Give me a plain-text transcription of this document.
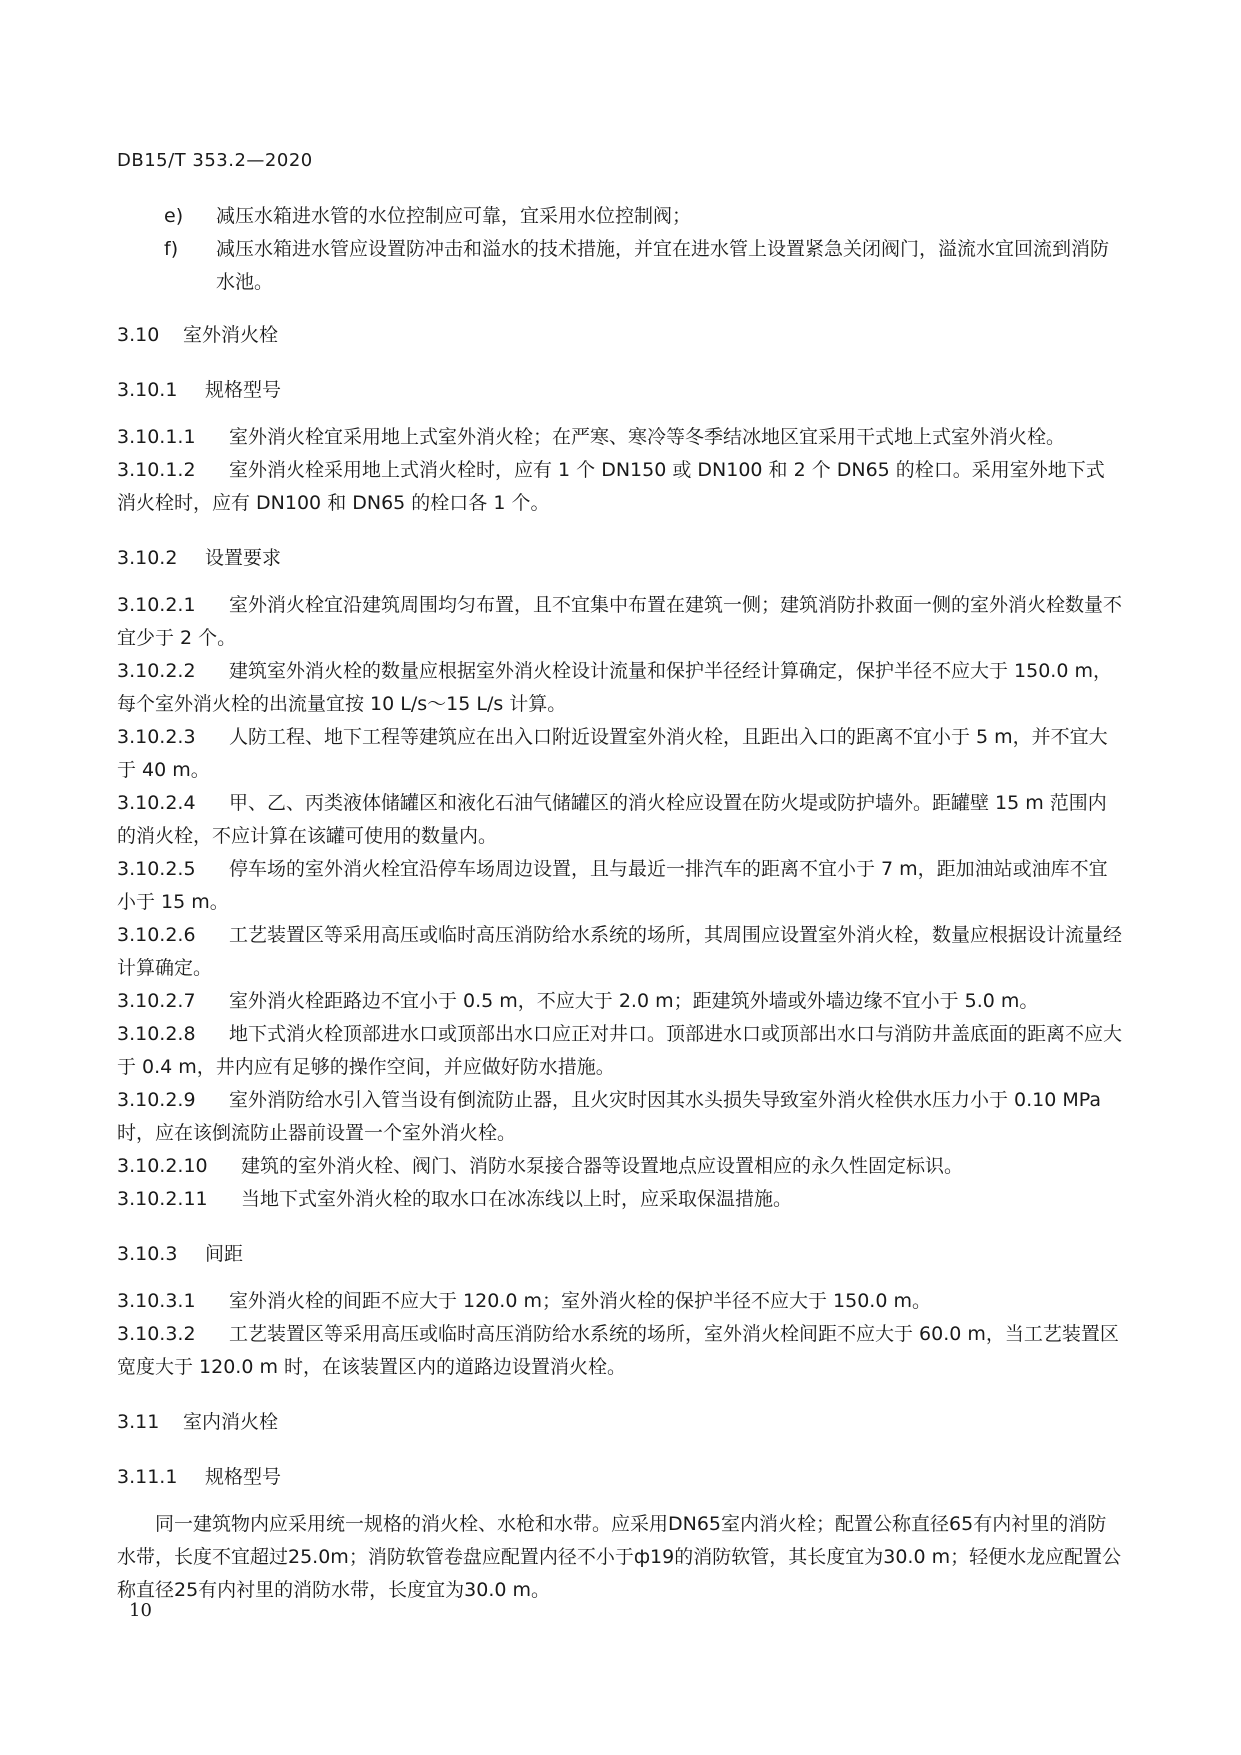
DB15/T 353.2—2020
e)	减压水箱进水管的水位控制应可靠，宜采用水位控制阀；
f)	减压水箱进水管应设置防冲击和溢水的技术措施，并宜在进水管上设置紧急关闭阀门，溢流水宜回流到消防水池。
3.10 室外消火栓
3.10.1 规格型号

3.10.1.1 室外消火栓宜采用地上式室外消火栓；在严寒、寒冷等冬季结冰地区宜采用干式地上式室外消火栓。

3.10.1.2 室外消火栓采用地上式消火栓时，应有 1 个 DN150 或 DN100 和 2 个 DN65 的栓口。采用室外地下式消火栓时，应有 DN100 和 DN65 的栓口各 1 个。

3.10.2 设置要求

3.10.2.1 室外消火栓宜沿建筑周围均匀布置，且不宜集中布置在建筑一侧；建筑消防扑救面一侧的室外消火栓数量不宜少于 2 个。

3.10.2.2 建筑室外消火栓的数量应根据室外消火栓设计流量和保护半径经计算确定，保护半径不应大于 150.0 m，每个室外消火栓的出流量宜按 10 L/s～15 L/s 计算。

3.10.2.3 人防工程、地下工程等建筑应在出入口附近设置室外消火栓，且距出入口的距离不宜小于 5 m，并不宜大于 40 m。

3.10.2.4 甲、乙、丙类液体储罐区和液化石油气储罐区的消火栓应设置在防火堤或防护墙外。距罐壁 15 m 范围内的消火栓，不应计算在该罐可使用的数量内。

3.10.2.5 停车场的室外消火栓宜沿停车场周边设置，且与最近一排汽车的距离不宜小于 7 m，距加油站或油库不宜小于 15 m。

3.10.2.6 工艺装置区等采用高压或临时高压消防给水系统的场所，其周围应设置室外消火栓，数量应根据设计流量经计算确定。

3.10.2.7 室外消火栓距路边不宜小于 0.5 m，不应大于 2.0 m；距建筑外墙或外墙边缘不宜小于 5.0 m。

3.10.2.8 地下式消火栓顶部进水口或顶部出水口应正对井口。顶部进水口或顶部出水口与消防井盖底面的距离不应大于 0.4 m，井内应有足够的操作空间，并应做好防水措施。

3.10.2.9 室外消防给水引入管当设有倒流防止器，且火灾时因其水头损失导致室外消火栓供水压力小于 0.10 MPa 时，应在该倒流防止器前设置一个室外消火栓。

3.10.2.10 建筑的室外消火栓、阀门、消防水泵接合器等设置地点应设置相应的永久性固定标识。

3.10.2.11 当地下式室外消火栓的取水口在冰冻线以上时，应采取保温措施。

3.10.3 间距

3.10.3.1 室外消火栓的间距不应大于 120.0 m；室外消火栓的保护半径不应大于 150.0 m。

3.10.3.2 工艺装置区等采用高压或临时高压消防给水系统的场所，室外消火栓间距不应大于 60.0 m，当工艺装置区宽度大于 120.0 m 时，在该装置区内的道路边设置消火栓。

3.11 室内消火栓
3.11.1 规格型号

同一建筑物内应采用统一规格的消火栓、水枪和水带。应采用DN65室内消火栓；配置公称直径65有内衬里的消防水带，长度不宜超过25.0m；消防软管卷盘应配置内径不小于ф19的消防软管，其长度宜为30.0 m；轻便水龙应配置公称直径25有内衬里的消防水带，长度宜为30.0 m。

10
